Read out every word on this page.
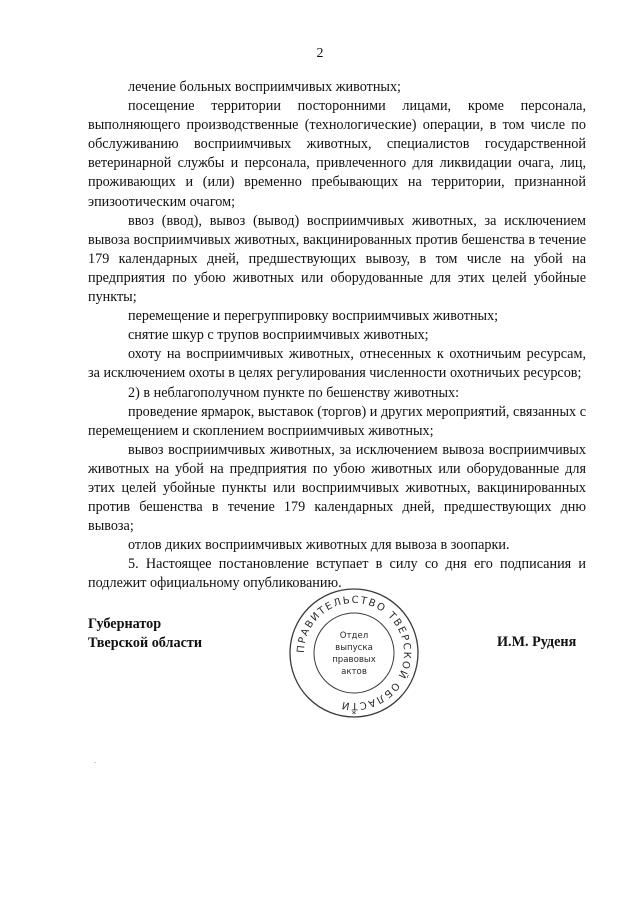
2

лечение больных восприимчивых животных;

посещение территории посторонними лицами, кроме персонала, выполняющего производственные (технологические) операции, в том числе по обслуживанию восприимчивых животных, специалистов государственной ветеринарной службы и персонала, привлеченного для ликвидации очага, лиц, проживающих и (или) временно пребывающих на территории, признанной эпизоотическим очагом;

ввоз (ввод), вывоз (вывод) восприимчивых животных, за исключением вывоза восприимчивых животных, вакцинированных против бешенства в течение 179 календарных дней, предшествующих вывозу, в том числе на убой на предприятия по убою животных или оборудованные для этих целей убойные пункты;

перемещение и перегруппировку восприимчивых животных;

снятие шкур с трупов восприимчивых животных;

охоту на восприимчивых животных, отнесенных к охотничьим ресурсам, за исключением охоты в целях регулирования численности охотничьих ресурсов;

2) в неблагополучном пункте по бешенству животных:

проведение ярмарок, выставок (торгов) и других мероприятий, связанных с перемещением и скоплением восприимчивых животных;

вывоз восприимчивых животных, за исключением вывоза восприимчивых животных на убой на предприятия по убою животных или оборудованные для этих целей убойные пункты или восприимчивых животных, вакцинированных против бешенства в течение 179 календарных дней, предшествующих дню вывоза;

отлов диких восприимчивых животных для вывоза в зоопарки.

5. Настоящее постановление вступает в силу со дня его подписания и подлежит официальному опубликованию.

Губернатор
Тверской области	ПРАВИТЕЛЬСТВО ТВЕРСКОЙ ОБЛАСТИ
Отдел
выпуска
правовых
актов
*
И.М. Руденя
